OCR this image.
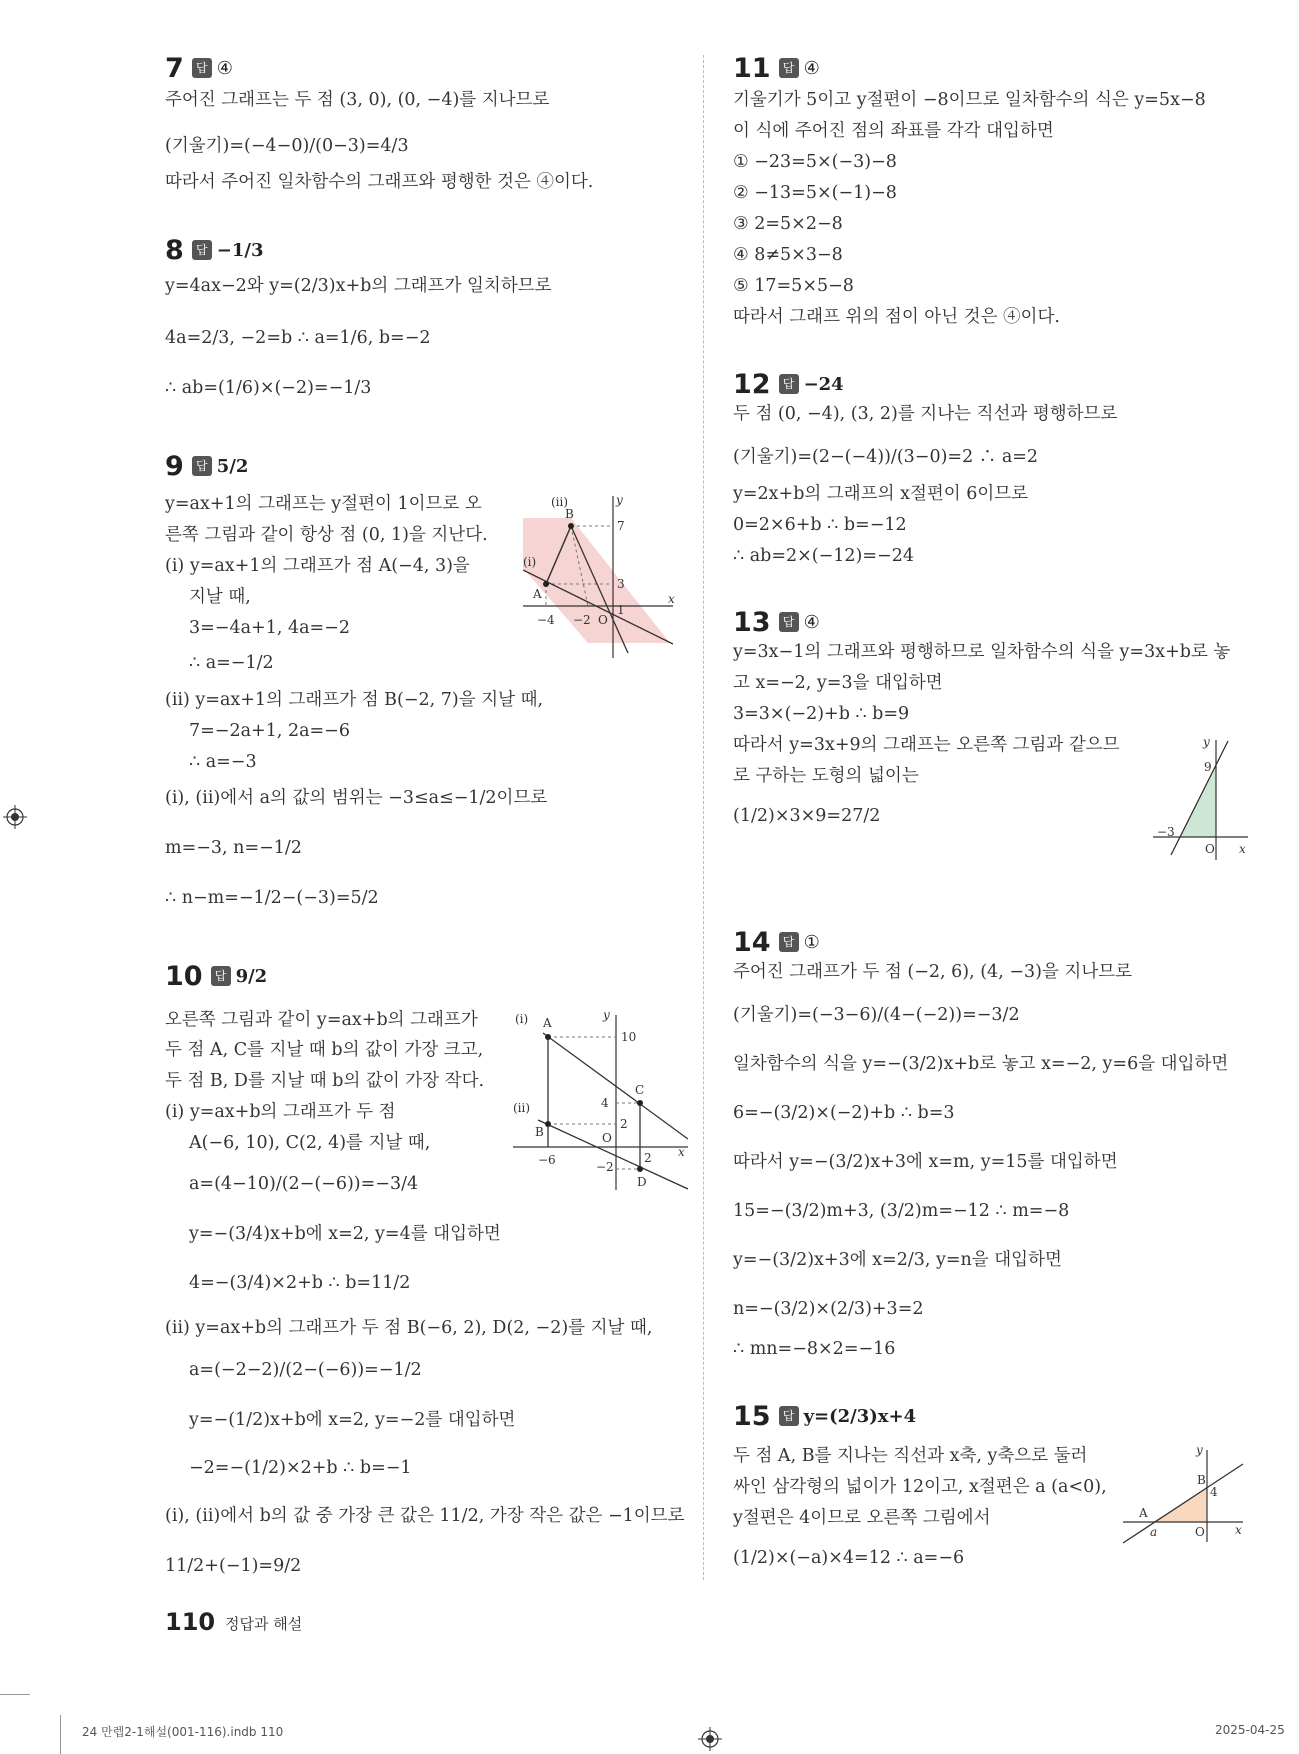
7	답 ④
주어진 그래프는 두 점 (3, 0), (0, −4)를 지나므로
(기울기)=(−4−0)/(0−3)=4/3
따라서 주어진 일차함수의 그래프와 평행한 것은 ④이다.
8	답 −1/3
y=4ax−2와 y=(2/3)x+b의 그래프가 일치하므로
4a=2/3, −2=b ∴ a=1/6, b=−2
∴ ab=(1/6)×(−2)=−1/3
9	답 5/2
y=ax+1의 그래프는 y절편이 1이므로 오
른쪽 그림과 같이 항상 점 (0, 1)을 지난다.
(ⅰ) y=ax+1의 그래프가 점 A(−4, 3)을
지날 때,
3=−4a+1, 4a=−2
∴ a=−1/2
(ⅱ) y=ax+1의 그래프가 점 B(−2, 7)을 지날 때,
7=−2a+1, 2a=−6
∴ a=−3
(ⅰ), (ⅱ)에서 a의 값의 범위는 −3≤a≤−1/2이므로
m=−3, n=−1/2
∴ n−m=−1/2−(−3)=5/2
(ⅱ)	y
B
7
(ⅰ)
A
3
1
x
−4 −2 O
10	답 9/2
오른쪽 그림과 같이 y=ax+b의 그래프가
두 점 A, C를 지날 때 b의 값이 가장 크고,
두 점 B, D를 지날 때 b의 값이 가장 작다.
(ⅰ) y=ax+b의 그래프가 두 점
A(−6, 10), C(2, 4)를 지날 때,
a=(4−10)/(2−(−6))=−3/4
y=−(3/4)x+b에 x=2, y=4를 대입하면
4=−(3/4)×2+b ∴ b=11/2
(ⅱ) y=ax+b의 그래프가 두 점 B(−6, 2), D(2, −2)를 지날 때,
a=(−2−2)/(2−(−6))=−1/2
y=−(1/2)x+b에 x=2, y=−2를 대입하면
−2=−(1/2)×2+b ∴ b=−1
(ⅰ), (ⅱ)에서 b의 값 중 가장 큰 값은 11/2, 가장 작은 값은 −1이므로
11/2+(−1)=9/2
(ⅰ) A
y
10
C
4
(ⅱ)
2
B	O
−6	2 x
−2
D
11	답 ④
기울기가 5이고 y절편이 −8이므로 일차함수의 식은 y=5x−8
이 식에 주어진 점의 좌표를 각각 대입하면
① −23=5×(−3)−8
② −13=5×(−1)−8
③ 2=5×2−8
④ 8≠5×3−8
⑤ 17=5×5−8
따라서 그래프 위의 점이 아닌 것은 ④이다.
12	답 −24
두 점 (0, −4), (3, 2)를 지나는 직선과 평행하므로
(기울기)=(2−(−4))/(3−0)=2 ∴ a=2
y=2x+b의 그래프의 x절편이 6이므로
0=2×6+b ∴ b=−12
∴ ab=2×(−12)=−24
13	답 ④
y=3x−1의 그래프와 평행하므로 일차함수의 식을 y=3x+b로 놓
고 x=−2, y=3을 대입하면
3=3×(−2)+b ∴ b=9
따라서 y=3x+9의 그래프는 오른쪽 그림과 같으므
로 구하는 도형의 넓이는
(1/2)×3×9=27/2
y
9
−3
O x
14	답 ①
주어진 그래프가 두 점 (−2, 6), (4, −3)을 지나므로
(기울기)=(−3−6)/(4−(−2))=−3/2
일차함수의 식을 y=−(3/2)x+b로 놓고 x=−2, y=6을 대입하면
6=−(3/2)×(−2)+b ∴ b=3
따라서 y=−(3/2)x+3에 x=m, y=15를 대입하면
15=−(3/2)m+3, (3/2)m=−12 ∴ m=−8
y=−(3/2)x+3에 x=2/3, y=n을 대입하면
n=−(3/2)×(2/3)+3=2
∴ mn=−8×2=−16
15	답 y=(2/3)x+4
두 점 A, B를 지나는 직선과 x축, y축으로 둘러
싸인 삼각형의 넓이가 12이고, x절편은 a (a<0),
y절편은 4이므로 오른쪽 그림에서
(1/2)×(−a)×4=12 ∴ a=−6
y
B
4
A
a	O	x
110 정답과 해설
24 만렙2-1해설(001-116).indb 110	2025-04-25
